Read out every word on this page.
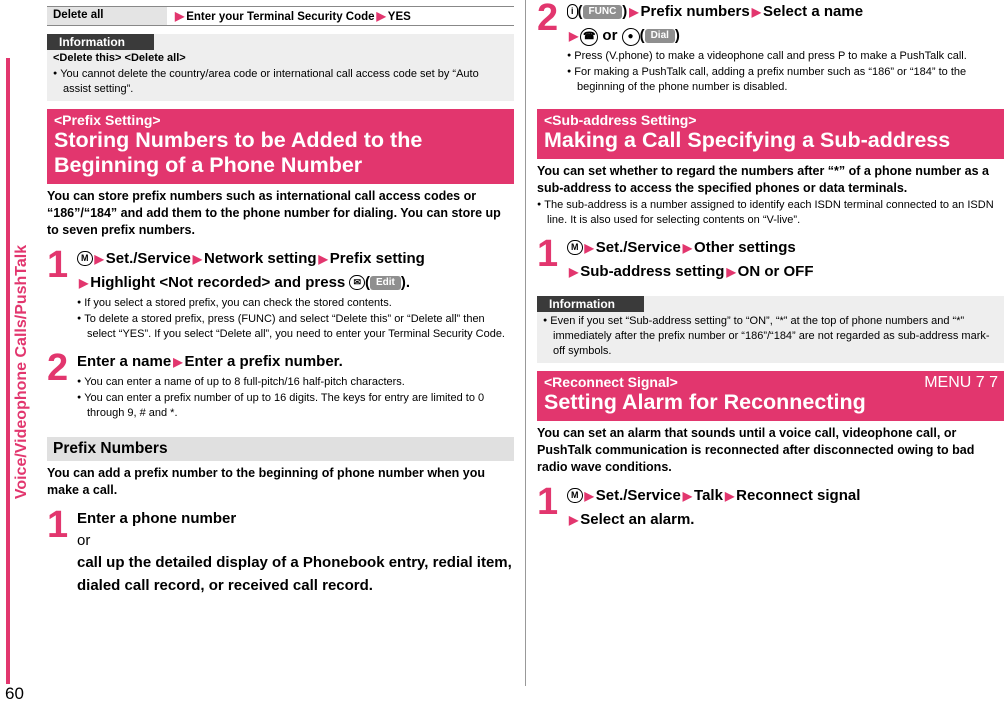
Voice/Videophone Calls/PushTalk
60
Delete all	▶ Enter your Terminal Security Code ▶ YES
Information
<Delete this> <Delete all>
● You cannot delete the country/area code or international call access code set by “Auto assist setting”.
<Prefix Setting>
Storing Numbers to be Added to the Beginning of a Phone Number
You can store prefix numbers such as international call access codes or “186”/“184” and add them to the phone number for dialing. You can store up to seven prefix numbers.
1	M ▶ Set./Service ▶ Network setting ▶ Prefix setting
▶ Highlight <Not recorded> and press ✉ ( Edit ).
● If you select a stored prefix, you can check the stored contents.
● To delete a stored prefix, press (FUNC) and select “Delete this” or “Delete all” then select “YES”. If you select “Delete all”, you need to enter your Terminal Security Code.
2 Enter a name ▶ Enter a prefix number.
● You can enter a name of up to 8 full-pitch/16 half-pitch characters.
● You can enter a prefix number of up to 16 digits. The keys for entry are limited to 0 through 9, # and *.
Prefix Numbers
You can add a prefix number to the beginning of phone number when you make a call.
1 Enter a phone number
or
call up the detailed display of a Phonebook entry, redial item, dialed call record, or received call record.
2	i ( FUNC ) ▶ Prefix numbers ▶ Select a name
▶ ☎ or ● ( Dial )
● Press (V.phone) to make a videophone call and press P to make a PushTalk call.
● For making a PushTalk call, adding a prefix number such as “186” or “184” to the beginning of the phone number is disabled.
<Sub-address Setting>
Making a Call Specifying a Sub-address
You can set whether to regard the numbers after “*” of a phone number as a sub-address to access the specified phones or data terminals.
● The sub-address is a number assigned to identify each ISDN terminal connected to an ISDN line. It is also used for selecting contents on “V-live”.
1	M ▶ Set./Service ▶ Other settings
▶ Sub-address setting ▶ ON or OFF
Information
● Even if you set “Sub-address setting” to “ON”, “*” at the top of phone numbers and “*” immediately after the prefix number or “186”/“184” are not regarded as sub-address mark-off symbols.
<Reconnect Signal>	MENU 7 7
Setting Alarm for Reconnecting
You can set an alarm that sounds until a voice call, videophone call, or PushTalk communication is reconnected after disconnected owing to bad radio wave conditions.
1	M ▶ Set./Service ▶ Talk ▶ Reconnect signal
▶ Select an alarm.
